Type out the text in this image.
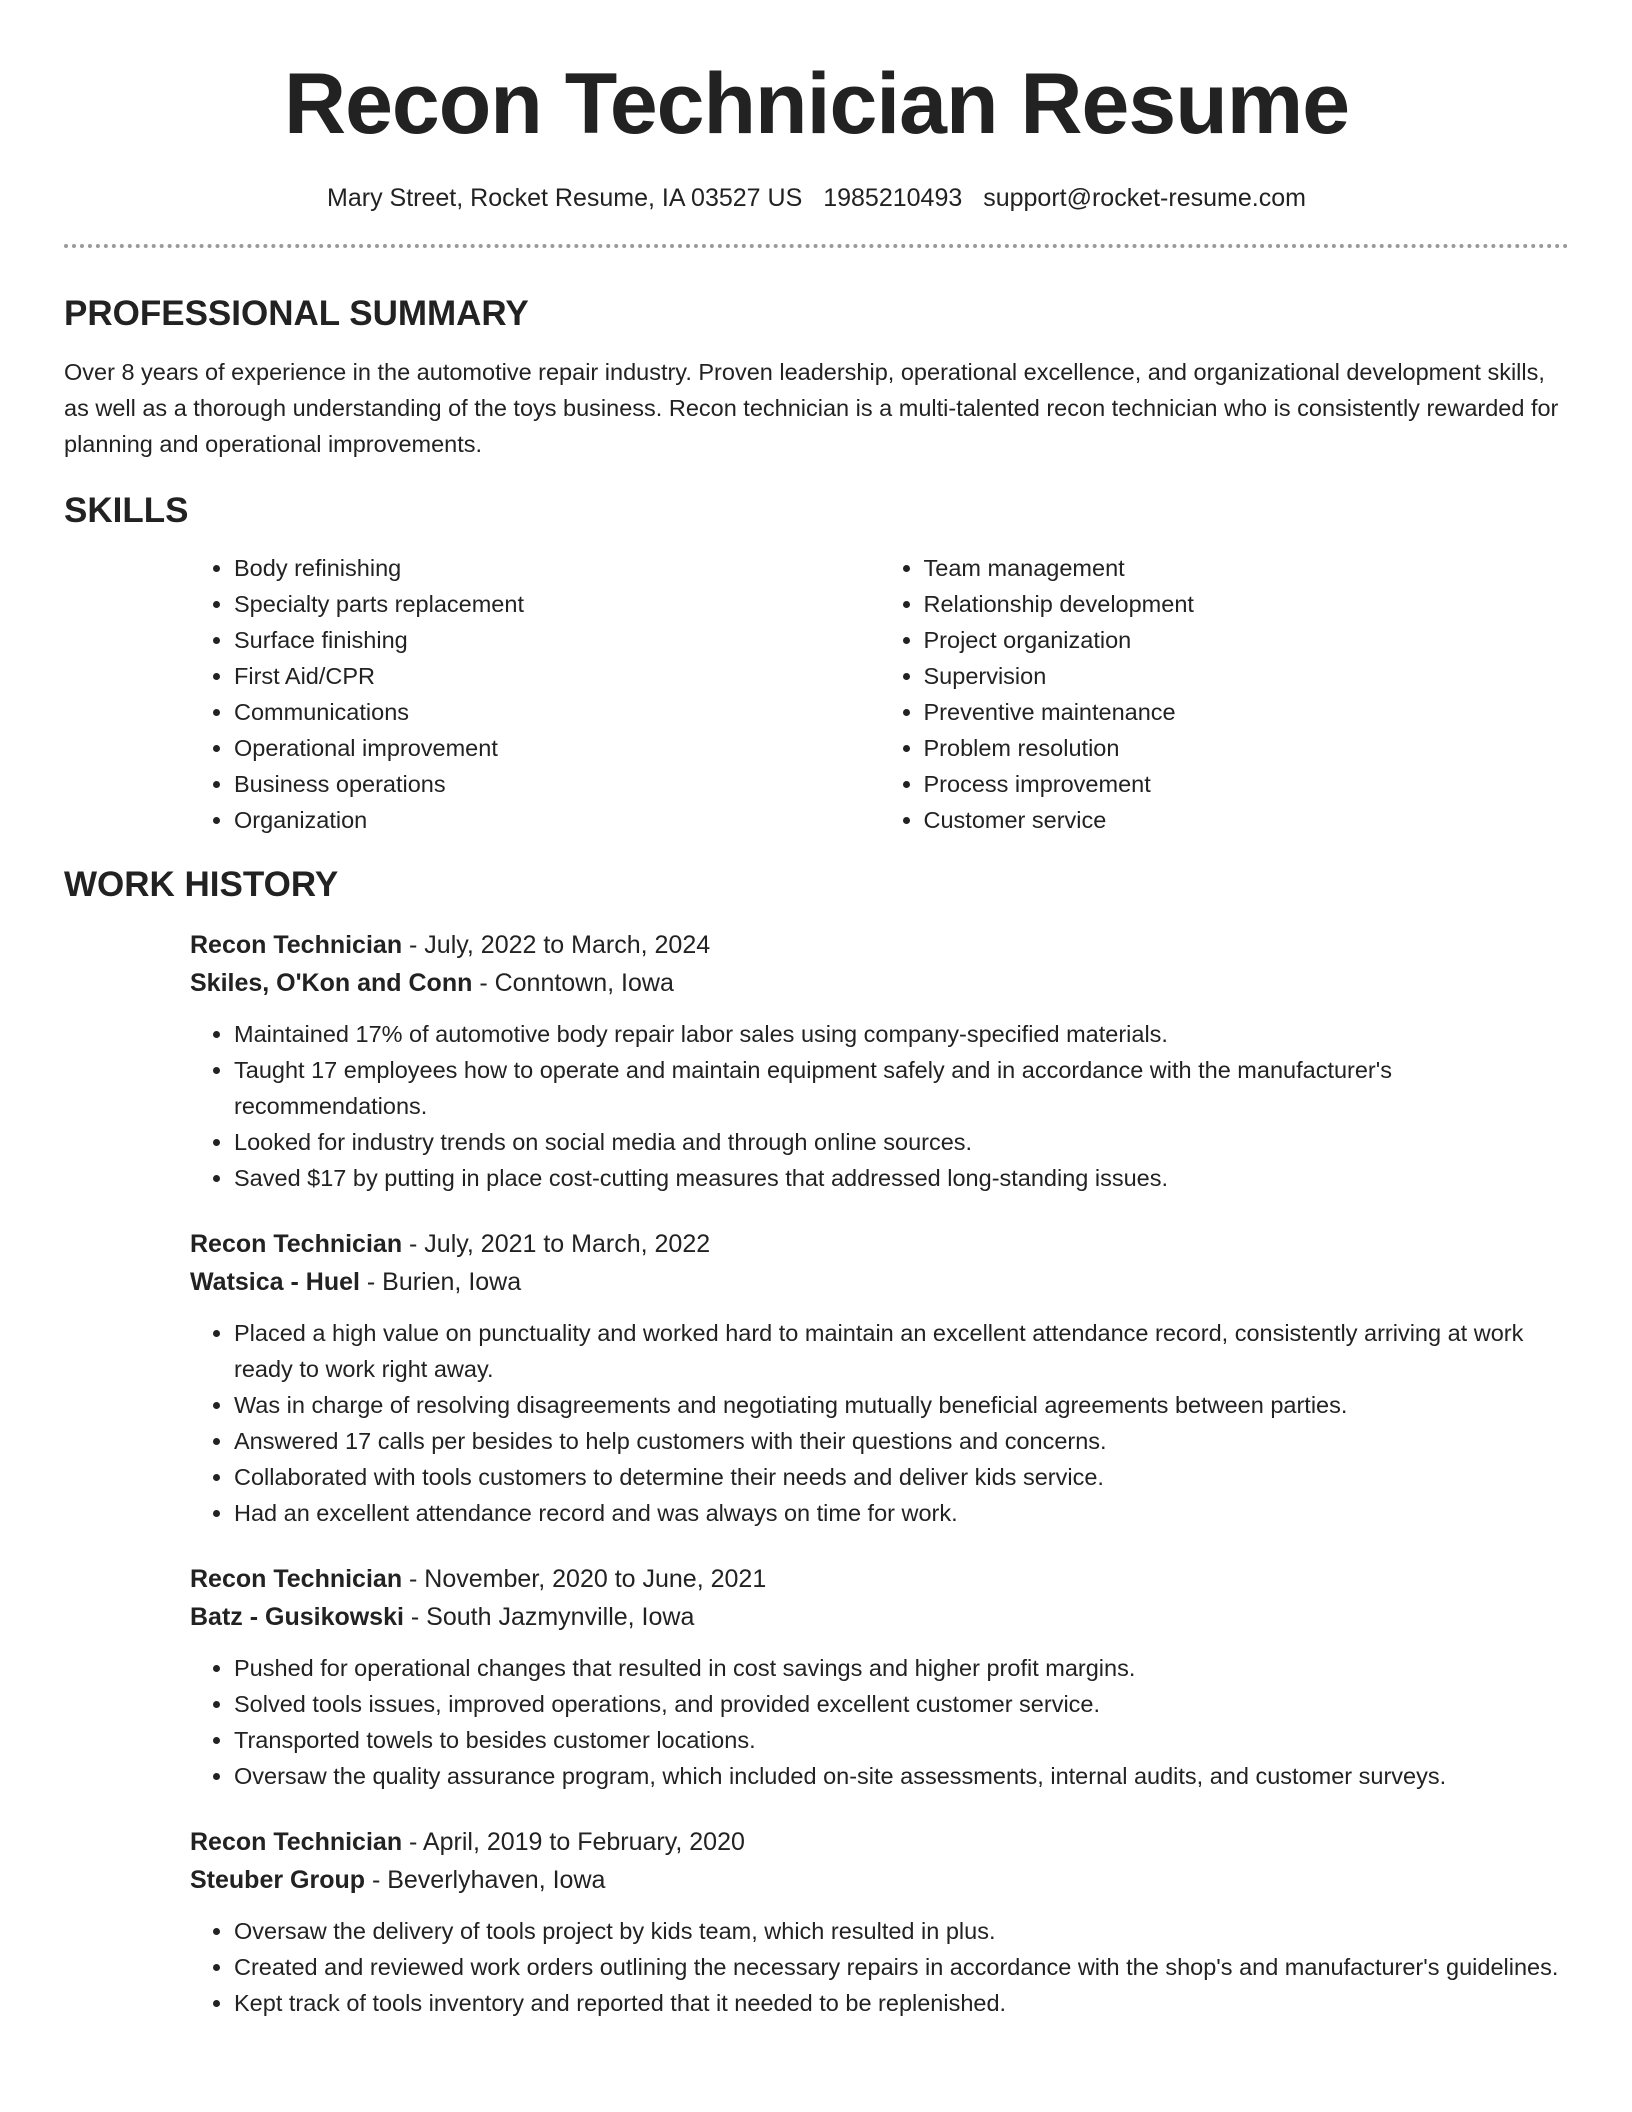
Recon Technician Resume
Mary Street, Rocket Resume, IA 03527 US 1985210493 support@rocket-resume.com
PROFESSIONAL SUMMARY

Over 8 years of experience in the automotive repair industry. Proven leadership, operational excellence, and organizational development skills, as well as a thorough understanding of the toys business. Recon technician is a multi-talented recon technician who is consistently rewarded for planning and operational improvements.

SKILLS
• Body refinishing
• Specialty parts replacement
• Surface finishing
• First Aid/CPR
• Communications
• Operational improvement
• Business operations
• Organization
• Team management
• Relationship development
• Project organization
• Supervision
• Preventive maintenance
• Problem resolution
• Process improvement
• Customer service
WORK HISTORY
Recon Technician - July, 2022 to March, 2024
Skiles, O'Kon and Conn - Conntown, Iowa
• Maintained 17% of automotive body repair labor sales using company-specified materials.
• Taught 17 employees how to operate and maintain equipment safely and in accordance with the manufacturer's recommendations.
• Looked for industry trends on social media and through online sources.
• Saved $17 by putting in place cost-cutting measures that addressed long-standing issues.
Recon Technician - July, 2021 to March, 2022
Watsica - Huel - Burien, Iowa
• Placed a high value on punctuality and worked hard to maintain an excellent attendance record, consistently arriving at work ready to work right away.
• Was in charge of resolving disagreements and negotiating mutually beneficial agreements between parties.
• Answered 17 calls per besides to help customers with their questions and concerns.
• Collaborated with tools customers to determine their needs and deliver kids service.
• Had an excellent attendance record and was always on time for work.
Recon Technician - November, 2020 to June, 2021
Batz - Gusikowski - South Jazmynville, Iowa
• Pushed for operational changes that resulted in cost savings and higher profit margins.
• Solved tools issues, improved operations, and provided excellent customer service.
• Transported towels to besides customer locations.
• Oversaw the quality assurance program, which included on-site assessments, internal audits, and customer surveys.
Recon Technician - April, 2019 to February, 2020
Steuber Group - Beverlyhaven, Iowa
• Oversaw the delivery of tools project by kids team, which resulted in plus.
• Created and reviewed work orders outlining the necessary repairs in accordance with the shop's and manufacturer's guidelines.
• Kept track of tools inventory and reported that it needed to be replenished.
